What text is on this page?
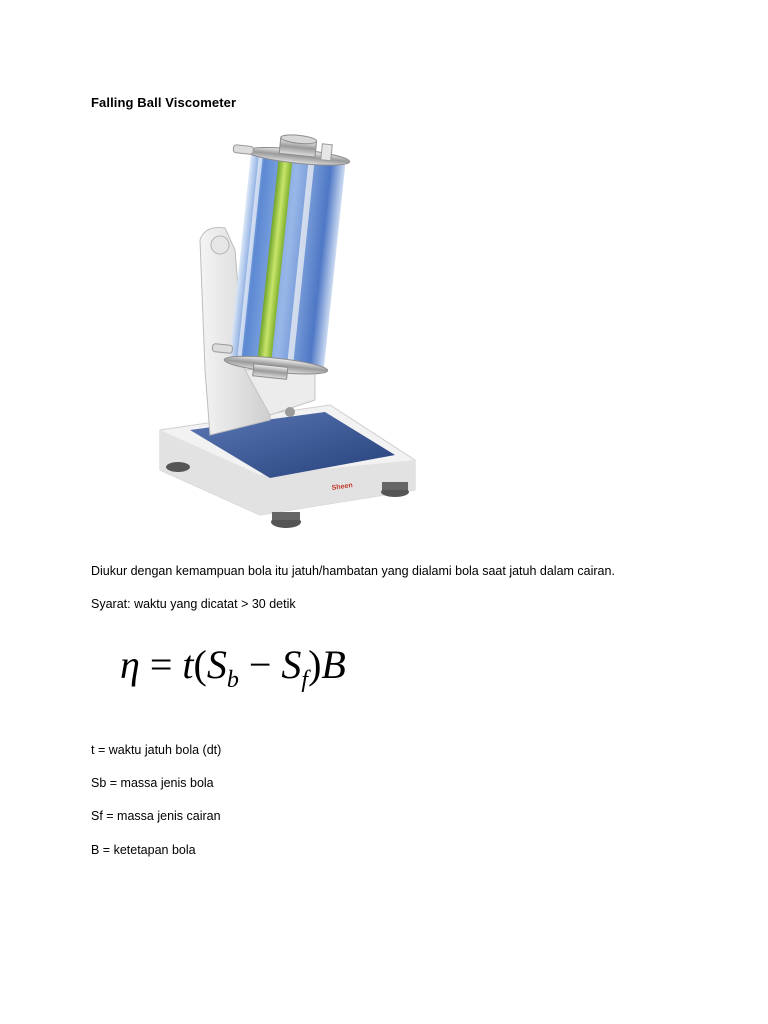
Falling Ball Viscometer
Sheen
Diukur dengan kemampuan bola itu jatuh/hambatan yang dialami bola saat jatuh dalam cairan.
Syarat: waktu yang dicatat > 30 detik
$\eta = t(S_b - S_f)B$
t = waktu jatuh bola (dt)
Sb = massa jenis bola
Sf = massa jenis cairan
B = ketetapan bola
